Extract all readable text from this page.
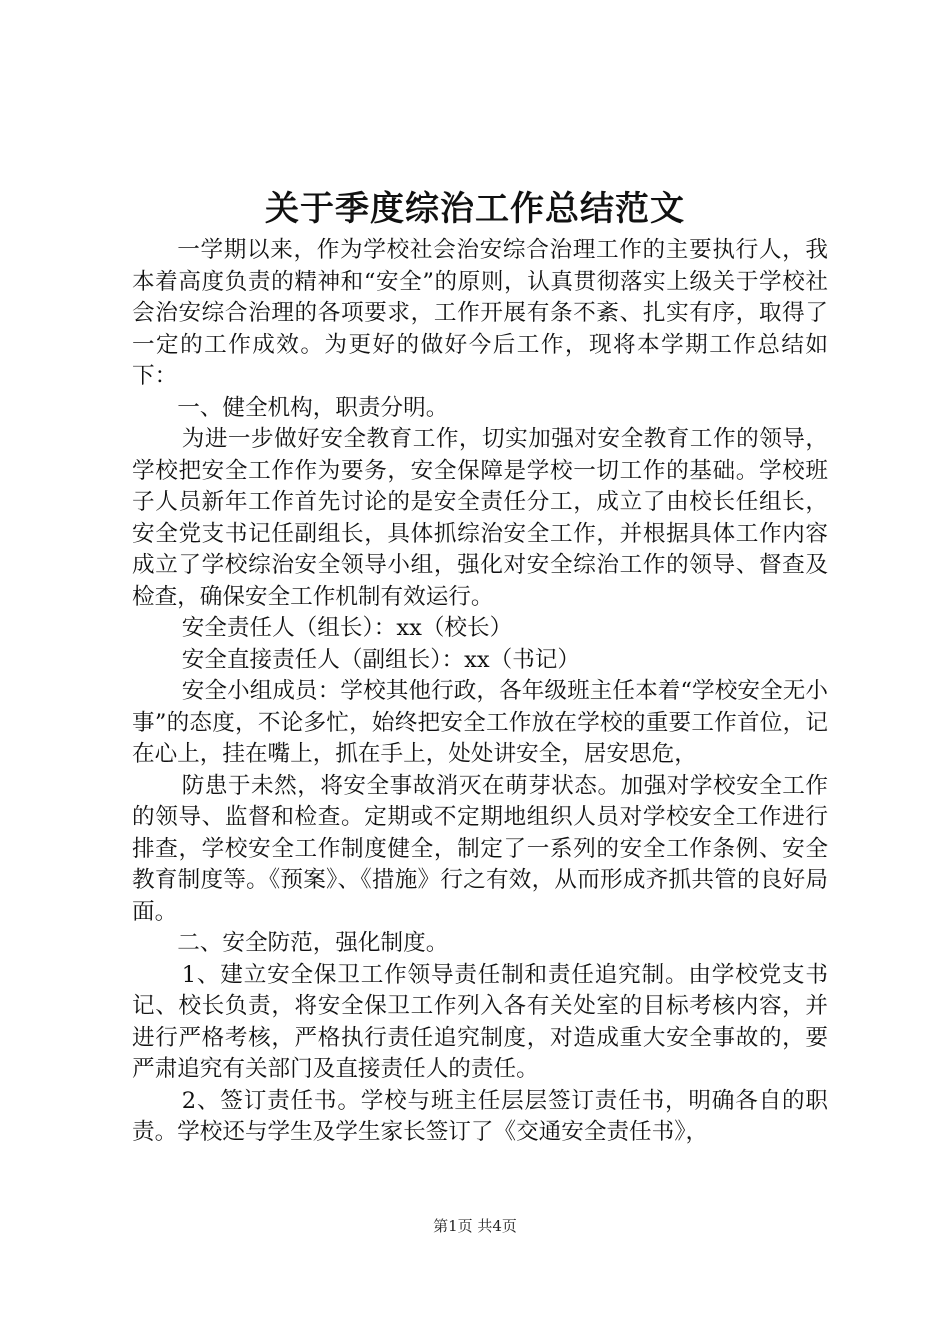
关于季度综治工作总结范文

一学期以来，作为学校社会治安综合治理工作的主要执行人，我本着高度负责的精神和“安全”的原则，认真贯彻落实上级关于学校社会治安综合治理的各项要求，工作开展有条不紊、扎实有序，取得了一定的工作成效。为更好的做好今后工作，现将本学期工作总结如下：

一、健全机构，职责分明。

为进一步做好安全教育工作，切实加强对安全教育工作的领导，学校把安全工作作为要务，安全保障是学校一切工作的基础。学校班子人员新年工作首先讨论的是安全责任分工，成立了由校长任组长，安全党支书记任副组长，具体抓综治安全工作，并根据具体工作内容成立了学校综治安全领导小组，强化对安全综治工作的领导、督查及检查，确保安全工作机制有效运行。

安全责任人（组长）：xx（校长）

安全直接责任人（副组长）：xx（书记）

安全小组成员：学校其他行政，各年级班主任本着“学校安全无小事”的态度，不论多忙，始终把安全工作放在学校的重要工作首位，记在心上，挂在嘴上，抓在手上，处处讲安全，居安思危，

防患于未然，将安全事故消灭在萌芽状态。加强对学校安全工作的领导、监督和检查。定期或不定期地组织人员对学校安全工作进行排查，学校安全工作制度健全，制定了一系列的安全工作条例、安全教育制度等。《预案》、《措施》行之有效，从而形成齐抓共管的良好局面。

二、安全防范，强化制度。

1、建立安全保卫工作领导责任制和责任追究制。由学校党支书记、校长负责，将安全保卫工作列入各有关处室的目标考核内容，并进行严格考核，严格执行责任追究制度，对造成重大安全事故的，要严肃追究有关部门及直接责任人的责任。

2、签订责任书。学校与班主任层层签订责任书，明确各自的职责。学校还与学生及学生家长签订了《交通安全责任书》，

第1页 共4页
